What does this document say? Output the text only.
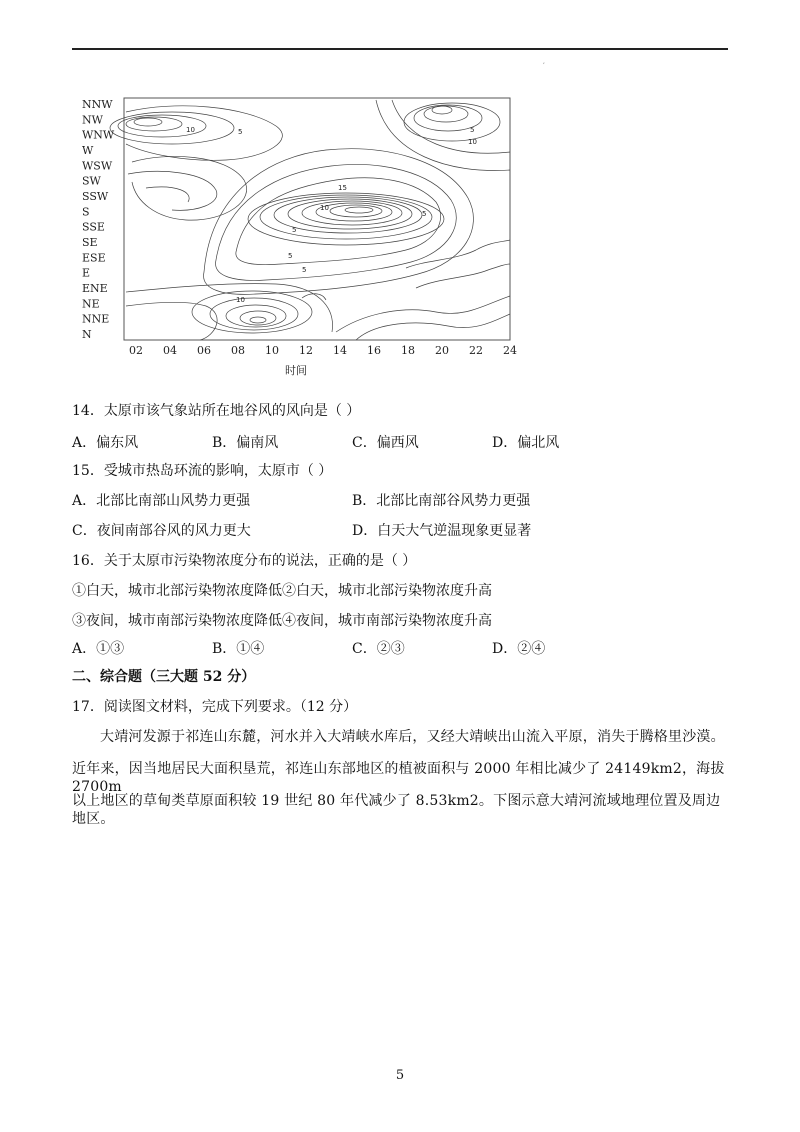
,
10	5
10
5
15
10
5
5
5
5
10
NNW
NW
WNW
W
WSW
SW
SSW
S
SSE
SE
ESE
E
ENE
NE
NNE
N
02 04 06 08 10 12 14 16 18 20 22 24
时间
14．太原市该气象站所在地谷风的风向是（ ）
A．偏东风	B．偏南风	C．偏西风	D．偏北风
15．受城市热岛环流的影响，太原市（ ）
A．北部比南部山风势力更强	B．北部比南部谷风势力更强
C．夜间南部谷风的风力更大	D．白天大气逆温现象更显著
16．关于太原市污染物浓度分布的说法，正确的是（ ）
①白天，城市北部污染物浓度降低②白天，城市北部污染物浓度升高
③夜间，城市南部污染物浓度降低④夜间，城市南部污染物浓度升高
A．①③	B．①④	C．②③	D．②④
二、综合题（三大题 52 分）
17．阅读图文材料，完成下列要求。（12 分）
大靖河发源于祁连山东麓，河水并入大靖峡水库后，又经大靖峡出山流入平原，消失于腾格里沙漠。
近年来，因当地居民大面积垦荒，祁连山东部地区的植被面积与 2000 年相比减少了 24149km2，海拔 2700m
以上地区的草甸类草原面积较 19 世纪 80 年代减少了 8.53km2。下图示意大靖河流域地理位置及周边地区。
5
